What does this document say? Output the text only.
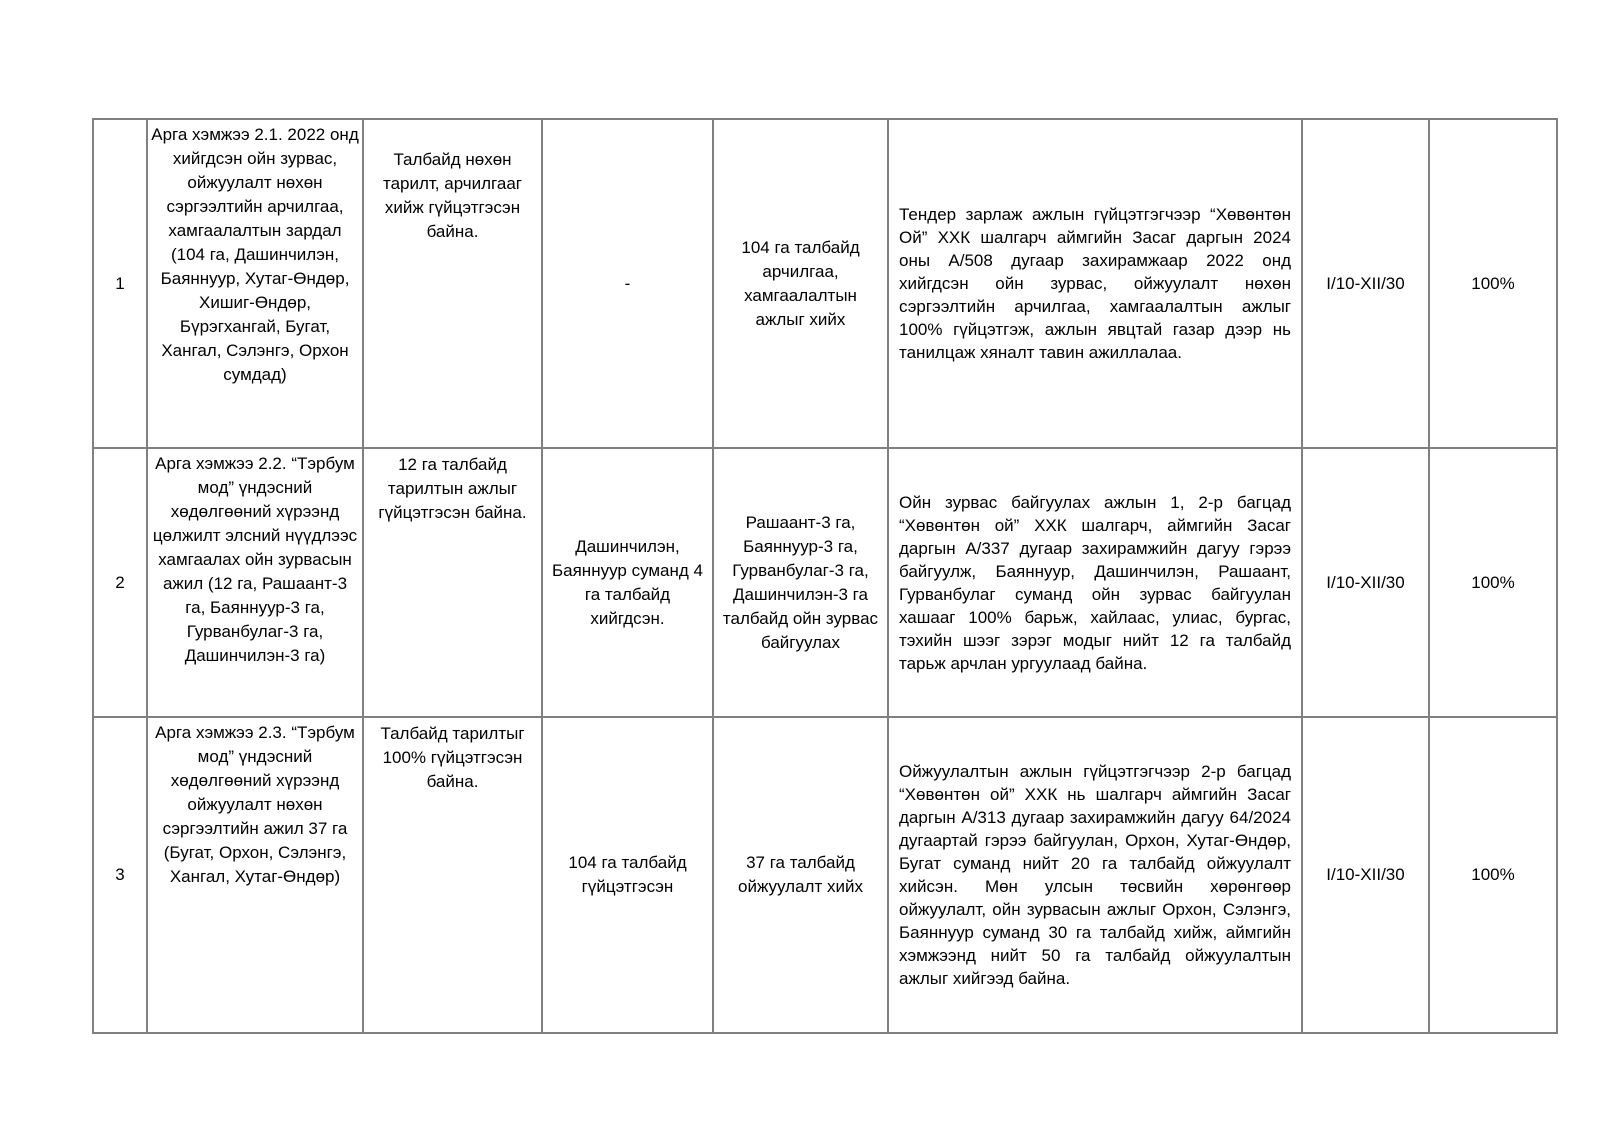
1	Арга хэмжээ 2.1. 2022 онд хийгдсэн ойн зурвас, ойжуулалт нөхөн сэргээлтийн арчилгаа, хамгаалалтын зардал (104 га, Дашинчилэн, Баяннуур, Хутаг-Өндөр, Хишиг-Өндөр, Бүрэгхангай, Бугат, Хангал, Сэлэнгэ, Орхон сумдад)	Талбайд нөхөн тарилт, арчилгааг хийж гүйцэтгэсэн байна.	-	104 га талбайд арчилгаа, хамгаалалтын ажлыг хийх	Тендер зарлаж ажлын гүйцэтгэгчээр “Хөвөнтөн Ой” ХХК шалгарч аймгийн Засаг даргын 2024 оны А/508 дугаар захирамжаар 2022 онд хийгдсэн ойн зурвас, ойжуулалт нөхөн сэргээлтийн арчилгаа, хамгаалалтын ажлыг 100% гүйцэтгэж, ажлын явцтай газар дээр нь танилцаж хяналт тавин ажиллалаа.	I/10-XII/30	100%
2	Арга хэмжээ 2.2. “Тэрбум мод” үндэсний хөдөлгөөний хүрээнд цөлжилт элсний нүүдлээс хамгаалах ойн зурвасын ажил (12 га, Рашаант-3 га, Баяннуур-3 га, Гурванбулаг-3 га, Дашинчилэн-3 га)	12 га талбайд тарилтын ажлыг гүйцэтгэсэн байна.	Дашинчилэн, Баяннуур суманд 4 га талбайд хийгдсэн.	Рашаант-3 га, Баяннуур-3 га, Гурванбулаг-3 га, Дашинчилэн-3 га талбайд ойн зурвас байгуулах	Ойн зурвас байгуулах ажлын 1, 2-р багцад “Хөвөнтөн ой” ХХК шалгарч, аймгийн Засаг даргын А/337 дугаар захирамжийн дагуу гэрээ байгуулж, Баяннуур, Дашинчилэн, Рашаант, Гурванбулаг суманд ойн зурвас байгуулан хашааг 100% барьж, хайлаас, улиас, бургас, тэхийн шээг зэрэг модыг нийт 12 га талбайд тарьж арчлан ургуулаад байна.	I/10-XII/30	100%
3	Арга хэмжээ 2.3. “Тэрбум мод” үндэсний хөдөлгөөний хүрээнд ойжуулалт нөхөн сэргээлтийн ажил 37 га (Бугат, Орхон, Сэлэнгэ, Хангал, Хутаг-Өндөр)	Талбайд тарилтыг 100% гүйцэтгэсэн байна.	104 га талбайд гүйцэтгэсэн	37 га талбайд ойжуулалт хийх	Ойжуулалтын ажлын гүйцэтгэгчээр 2-р багцад “Хөвөнтөн ой” ХХК нь шалгарч аймгийн Засаг даргын А/313 дугаар захирамжийн дагуу 64/2024 дугаартай гэрээ байгуулан, Орхон, Хутаг-Өндөр, Бугат суманд нийт 20 га талбайд ойжуулалт хийсэн. Мөн улсын төсвийн хөрөнгөөр ойжуулалт, ойн зурвасын ажлыг Орхон, Сэлэнгэ, Баяннуур суманд 30 га талбайд хийж, аймгийн хэмжээнд нийт 50 га талбайд ойжуулалтын ажлыг хийгээд байна.	I/10-XII/30	100%
